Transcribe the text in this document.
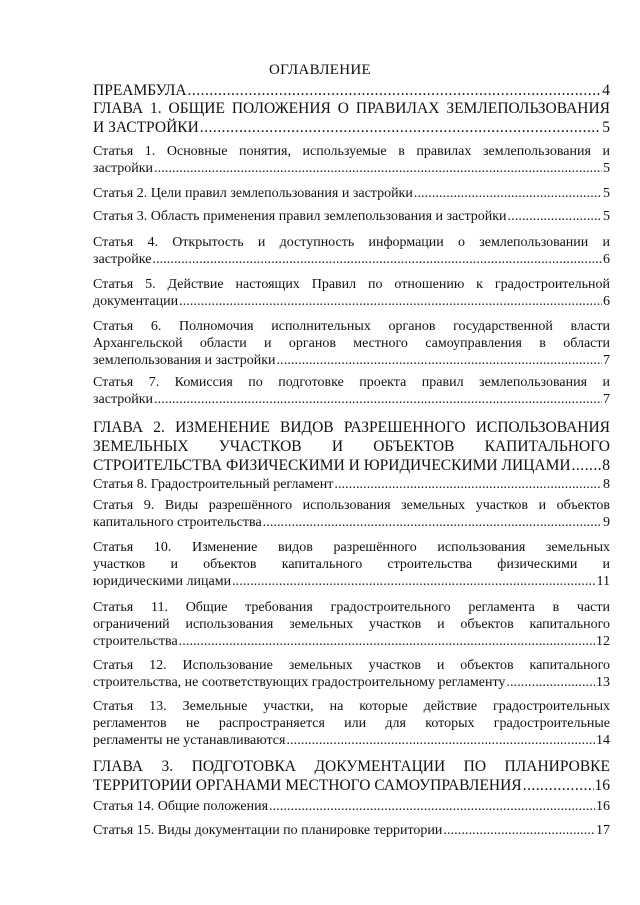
ОГЛАВЛЕНИЕ
ПРЕАМБУЛА . . .	4
ГЛАВА 1. ОБЩИЕ ПОЛОЖЕНИЯ О ПРАВИЛАХ ЗЕМЛЕПОЛЬЗОВАНИЯ
И ЗАСТРОЙКИ . . .	5
Статья 1. Основные понятия, используемые в правилах землепользования и
застройки . . .	5
Статья 2. Цели правил землепользования и застройки . . .	5
Статья 3. Область применения правил землепользования и застройки . . .	5
Статья 4. Открытость и доступность информации о землепользовании и
застройке . . .	6
Статья 5. Действие настоящих Правил по отношению к градостроительной
документации . . .	6
Статья 6. Полномочия исполнительных органов государственной власти
Архангельской области и органов местного самоуправления в области
землепользования и застройки . . .	7
Статья 7. Комиссия по подготовке проекта правил землепользования и
застройки . . .	7
ГЛАВА 2. ИЗМЕНЕНИЕ ВИДОВ РАЗРЕШЕННОГО ИСПОЛЬЗОВАНИЯ
ЗЕМЕЛЬНЫХ УЧАСТКОВ И ОБЪЕКТОВ КАПИТАЛЬНОГО
СТРОИТЕЛЬСТВА ФИЗИЧЕСКИМИ И ЮРИДИЧЕСКИМИ ЛИЦАМИ . . . 8
Статья 8. Градостроительный регламент . . .	8
Статья 9. Виды разрешённого использования земельных участков и объектов
капитального строительства . . .	9
Статья 10. Изменение видов разрешённого использования земельных
участков и объектов капитального строительства физическими и
юридическими лицами . . .	11
Статья 11. Общие требования градостроительного регламента в части
ограничений использования земельных участков и объектов капитального
строительства . . .	12
Статья 12. Использование земельных участков и объектов капитального
строительства, не соответствующих градостроительному регламенту . . .	13
Статья 13. Земельные участки, на которые действие градостроительных
регламентов не распространяется или для которых градостроительные
регламенты не устанавливаются . . .	14
ГЛАВА 3. ПОДГОТОВКА ДОКУМЕНТАЦИИ ПО ПЛАНИРОВКЕ
ТЕРРИТОРИИ ОРГАНАМИ МЕСТНОГО САМОУПРАВЛЕНИЯ . . .	16
Статья 14. Общие положения . . .	16
Статья 15. Виды документации по планировке территории . . .	17
